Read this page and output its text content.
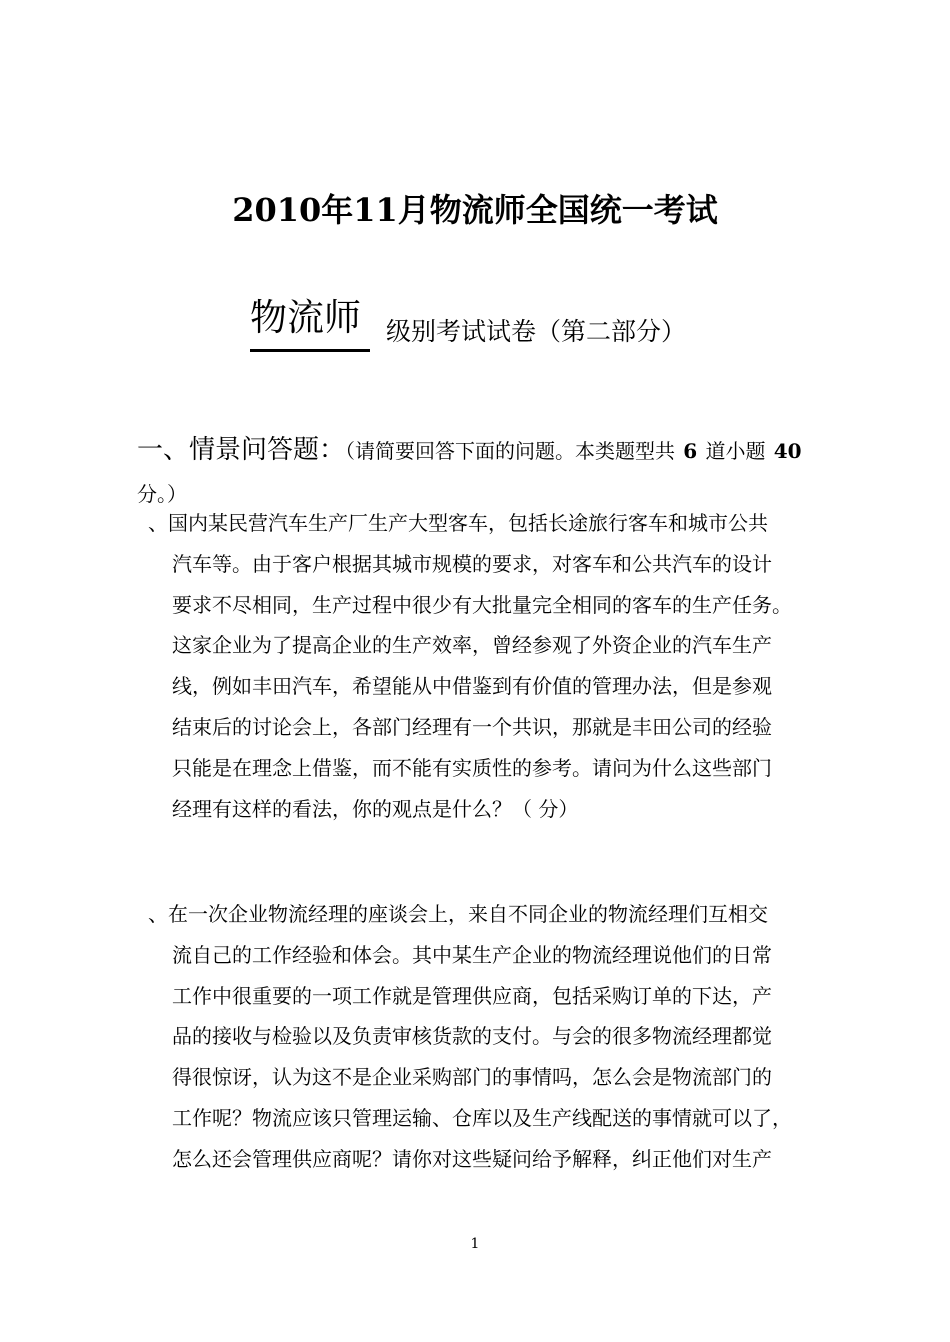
2010年11月物流师全国统一考试
物流师	级别考试试卷（第二部分）
一、情景问答题：（请简要回答下面的问题。本类题型共 6 道小题 40
分。）
、国内某民营汽车生产厂生产大型客车，包括长途旅行客车和城市公共
汽车等。由于客户根据其城市规模的要求，对客车和公共汽车的设计
要求不尽相同，生产过程中很少有大批量完全相同的客车的生产任务。
这家企业为了提高企业的生产效率，曾经参观了外资企业的汽车生产
线，例如丰田汽车，希望能从中借鉴到有价值的管理办法，但是参观
结束后的讨论会上，各部门经理有一个共识，那就是丰田公司的经验
只能是在理念上借鉴，而不能有实质性的参考。请问为什么这些部门
经理有这样的看法，你的观点是什么？（ 分）
、在一次企业物流经理的座谈会上，来自不同企业的物流经理们互相交
流自己的工作经验和体会。其中某生产企业的物流经理说他们的日常
工作中很重要的一项工作就是管理供应商，包括采购订单的下达，产
品的接收与检验以及负责审核货款的支付。与会的很多物流经理都觉
得很惊讶，认为这不是企业采购部门的事情吗，怎么会是物流部门的
工作呢？物流应该只管理运输、仓库以及生产线配送的事情就可以了，
怎么还会管理供应商呢？请你对这些疑问给予解释，纠正他们对生产
1
